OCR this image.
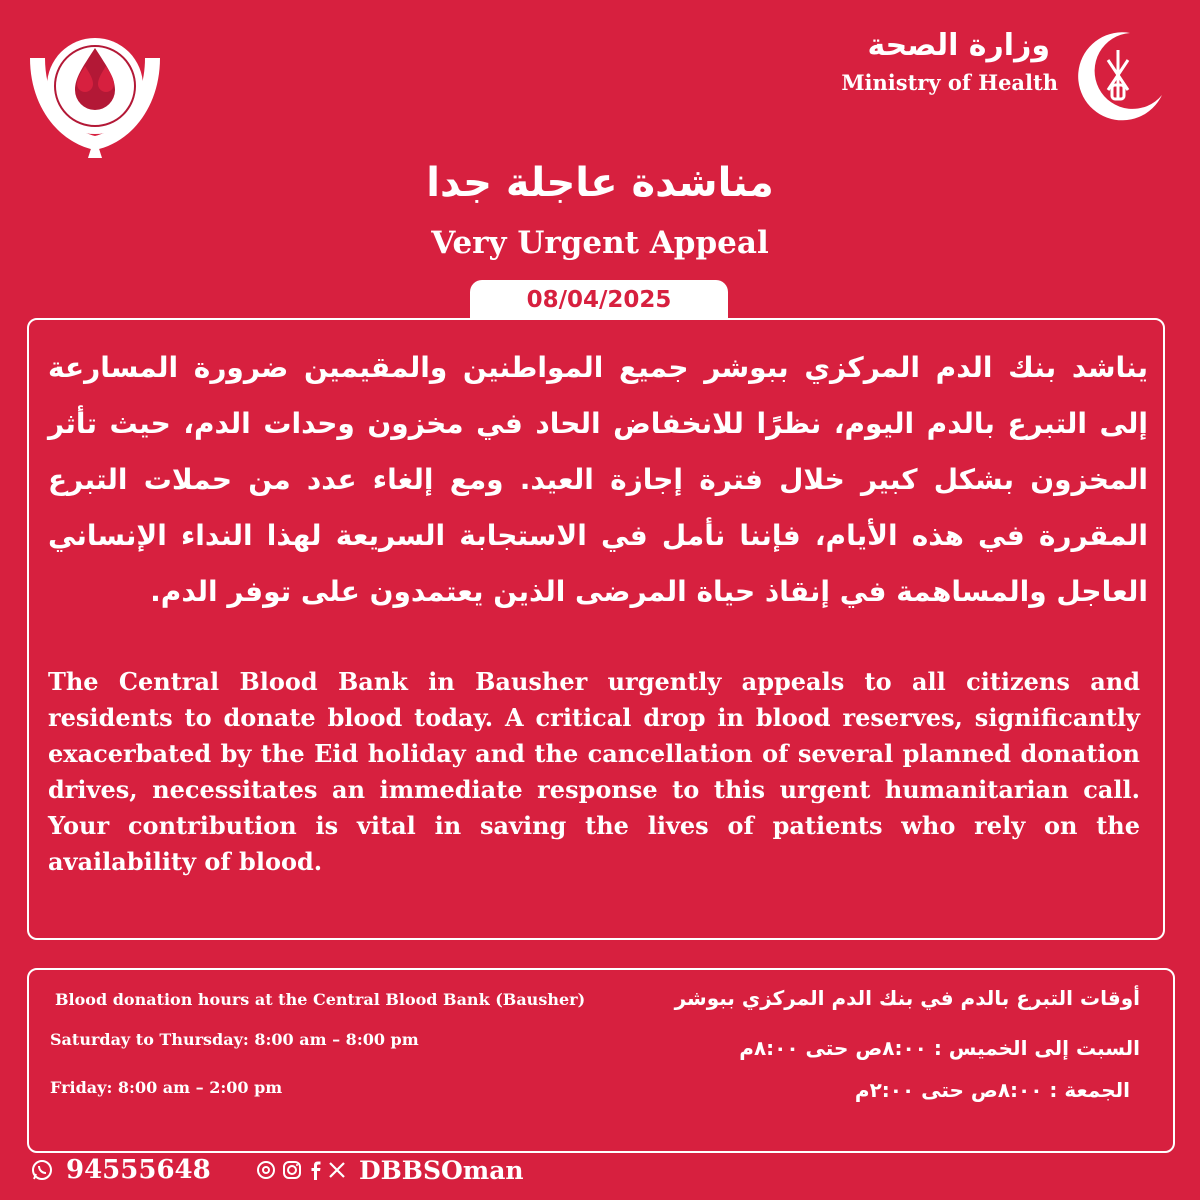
وزارة الصحة
Ministry of Health
مناشدة عاجلة جدا
Very Urgent Appeal
08/04/2025
يناشد بنك الدم المركزي ببوشر جميع المواطنين والمقيمين ضرورة المسارعة إلى التبرع بالدم اليوم، نظرًا للانخفاض الحاد في مخزون وحدات الدم، حيث تأثر المخزون بشكل كبير خلال فترة إجازة العيد. ومع إلغاء عدد من حملات التبرع المقررة في هذه الأيام، فإننا نأمل في الاستجابة السريعة لهذا النداء الإنساني العاجل والمساهمة في إنقاذ حياة المرضى الذين يعتمدون على توفر الدم.
The Central Blood Bank in Bausher urgently appeals to all citizens and residents to donate blood today. A critical drop in blood reserves, significantly exacerbated by the Eid holiday and the cancellation of several planned donation drives, necessitates an immediate response to this urgent humanitarian call. Your contribution is vital in saving the lives of patients who rely on the availability of blood.
Blood donation hours at the Central Blood Bank (Bausher)
Saturday to Thursday: 8:00 am – 8:00 pm
Friday: 8:00 am – 2:00 pm
أوقات التبرع بالدم في بنك الدم المركزي ببوشر
السبت إلى الخميس : ٨:٠٠ص حتى ٨:٠٠م
الجمعة : ٨:٠٠ص حتى ٢:٠٠م
94555648	DBBSOman
